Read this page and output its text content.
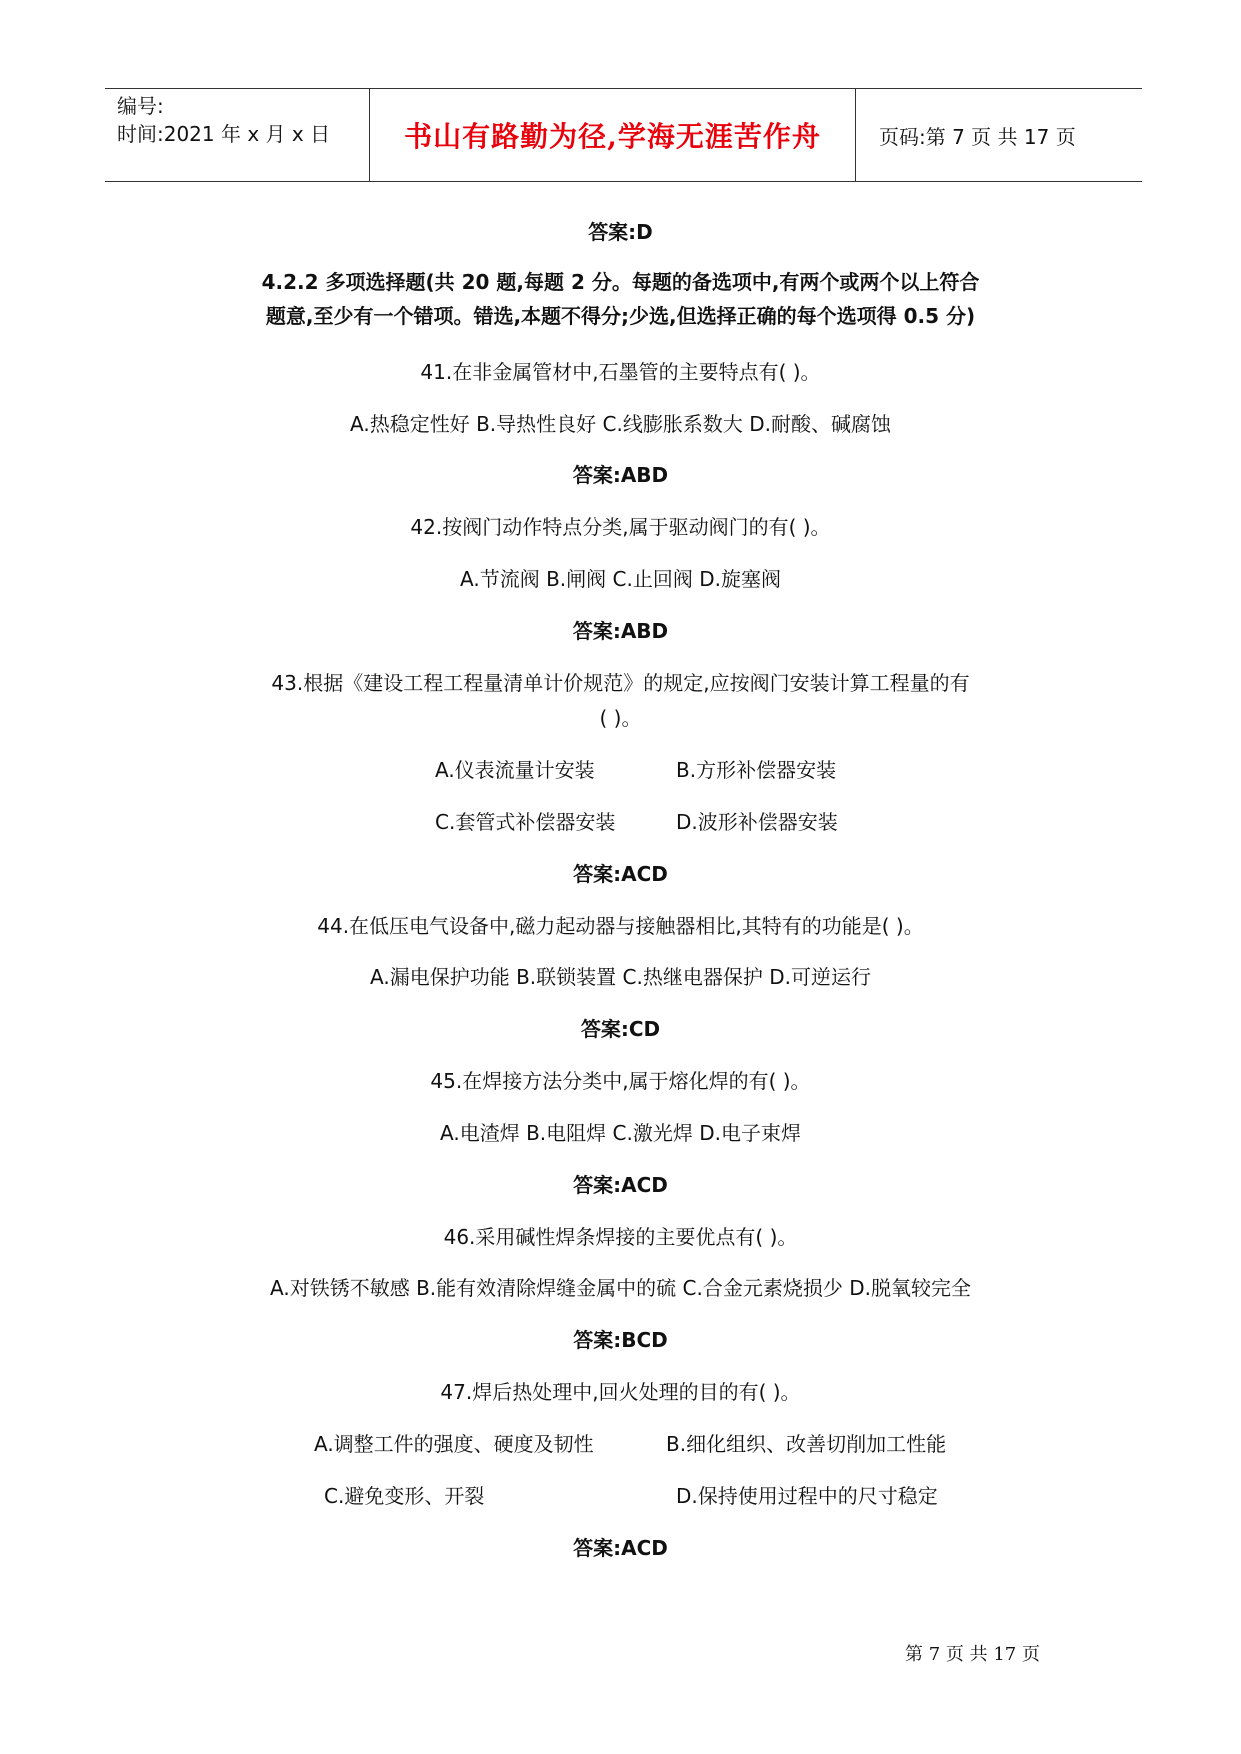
编号:
时间:2021 年 x 月 x 日	书山有路勤为径,学海无涯苦作舟	页码:第 7 页 共 17 页
答案:D
4.2.2 多项选择题(共 20 题,每题 2 分。每题的备选项中,有两个或两个以上符合
题意,至少有一个错项。错选,本题不得分;少选,但选择正确的每个选项得 0.5 分)
41.在非金属管材中,石墨管的主要特点有( )。
A.热稳定性好 B.导热性良好 C.线膨胀系数大 D.耐酸、碱腐蚀
答案:ABD
42.按阀门动作特点分类,属于驱动阀门的有( )。
A.节流阀 B.闸阀 C.止回阀 D.旋塞阀
答案:ABD
43.根据《建设工程工程量清单计价规范》的规定,应按阀门安装计算工程量的有
( )。
A.仪表流量计安装	B.方形补偿器安装
C.套管式补偿器安装	D.波形补偿器安装
答案:ACD
44.在低压电气设备中,磁力起动器与接触器相比,其特有的功能是( )。
A.漏电保护功能 B.联锁装置 C.热继电器保护 D.可逆运行
答案:CD
45.在焊接方法分类中,属于熔化焊的有( )。
A.电渣焊 B.电阻焊 C.激光焊 D.电子束焊
答案:ACD
46.采用碱性焊条焊接的主要优点有( )。
A.对铁锈不敏感 B.能有效清除焊缝金属中的硫 C.合金元素烧损少 D.脱氧较完全
答案:BCD
47.焊后热处理中,回火处理的目的有( )。
A.调整工件的强度、硬度及韧性	B.细化组织、改善切削加工性能
C.避免变形、开裂	D.保持使用过程中的尺寸稳定
答案:ACD
第 7 页 共 17 页
